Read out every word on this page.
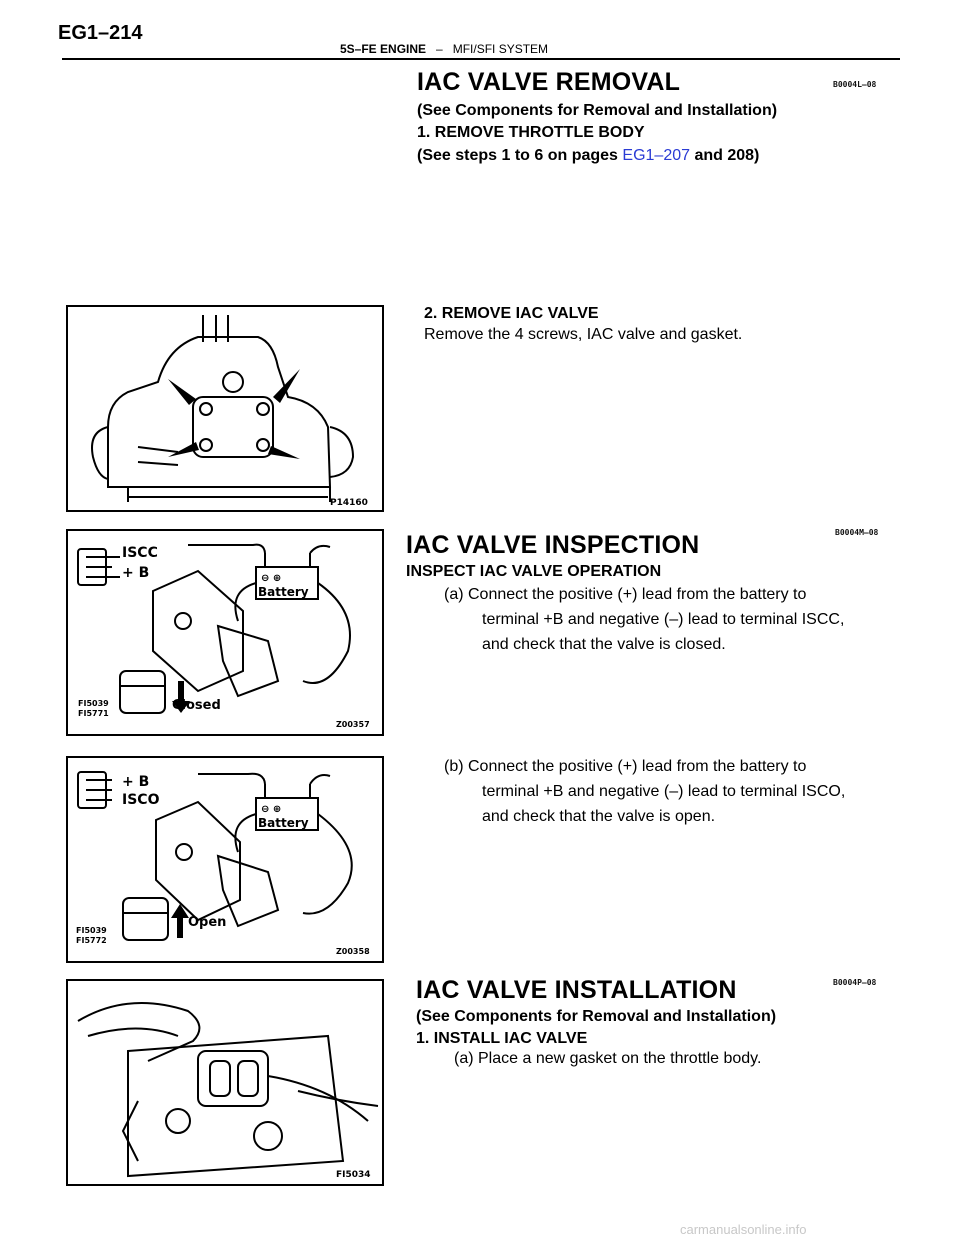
EG1–214
5S–FE ENGINE – MFI/SFI SYSTEM
IAC VALVE REMOVAL	B0004L–08
(See Components for Removal and Installation)
1. REMOVE THROTTLE BODY
(See steps 1 to 6 on pages EG1–207 and 208)
P14160
2. REMOVE IAC VALVE
Remove the 4 screws, IAC valve and gasket.
ISCC
+ B	⊖ ⊕
Battery
Closed
FI5039
FI5771
Z00357
IAC VALVE INSPECTION	B0004M–08
INSPECT IAC VALVE OPERATION
(a) Connect the positive (+) lead from the battery to
terminal +B and negative (–) lead to terminal ISCC,
and check that the valve is closed.
+ B
ISCO
⊖ ⊕
Battery
Open
FI5039
FI5772
Z00358
(b) Connect the positive (+) lead from the battery to
terminal +B and negative (–) lead to terminal ISCO,
and check that the valve is open.
FI5034
IAC VALVE INSTALLATION	B0004P–08
(See Components for Removal and Installation)
1. INSTALL IAC VALVE
(a) Place a new gasket on the throttle body.
carmanualsonline.info
